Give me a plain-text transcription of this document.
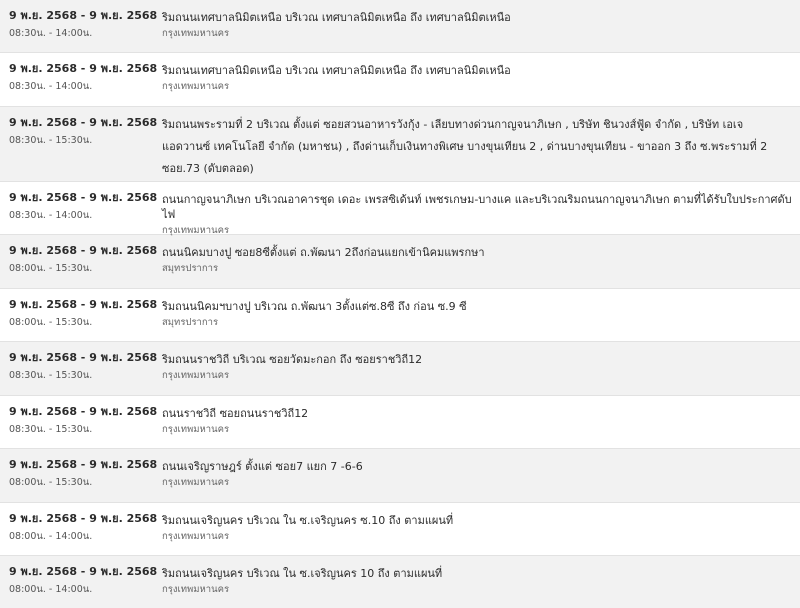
9 พ.ย. 2568 - 9 พ.ย. 2568
08:30น. - 14:00น.
ริมถนนเทศบาลนิมิตเหนือ บริเวณ เทศบาลนิมิตเหนือ ถึง เทศบาลนิมิตเหนือ
กรุงเทพมหานคร
9 พ.ย. 2568 - 9 พ.ย. 2568
08:30น. - 14:00น.
ริมถนนเทศบาลนิมิตเหนือ บริเวณ เทศบาลนิมิตเหนือ ถึง เทศบาลนิมิตเหนือ
กรุงเทพมหานคร
9 พ.ย. 2568 - 9 พ.ย. 2568
08:30น. - 15:30น.
ริมถนนพระรามที่ 2 บริเวณ ตั้งแต่ ซอยสวนอาหารวังกุ้ง - เลียบทางด่วนกาญจนาภิเษก , บริษัท ชินวงส์ฟู้ด จำกัด , บริษัท เอเจ แอดวานซ์ เทคโนโลยี จำกัด (มหาชน) , ถึงด่านเก็บเงินทางพิเศษ บางขุนเทียน 2 , ด่านบางขุนเทียน - ขาออก 3 ถึง ซ.พระรามที่ 2 ซอย.73 (ดับตลอด)
9 พ.ย. 2568 - 9 พ.ย. 2568
08:30น. - 14:00น.
ถนนกาญจนาภิเษก บริเวณอาคารชุด เดอะ เพรสซิเด้นท์ เพชรเกษม-บางแค และบริเวณริมถนนกาญจนาภิเษก ตามที่ได้รับใบประกาศดับไฟ
กรุงเทพมหานคร
9 พ.ย. 2568 - 9 พ.ย. 2568
08:00น. - 15:30น.
ถนนนิคมบางปู ซอย8ซีตั้งแต่ ถ.พัฒนา 2ถึงก่อนแยกเข้านิคมแพรกษา
สมุทรปราการ
9 พ.ย. 2568 - 9 พ.ย. 2568
08:00น. - 15:30น.
ริมถนนนิคมฯบางปู บริเวณ ถ.พัฒนา 3ตั้งแต่ซ.8ซี ถึง ก่อน ซ.9 ซี
สมุทรปราการ
9 พ.ย. 2568 - 9 พ.ย. 2568
08:30น. - 15:30น.
ริมถนนราชวิถี บริเวณ ซอยวัดมะกอก ถึง ซอยราชวิถี12
กรุงเทพมหานคร
9 พ.ย. 2568 - 9 พ.ย. 2568
08:30น. - 15:30น.
ถนนราชวิถี ซอยถนนราชวิถี12
กรุงเทพมหานคร
9 พ.ย. 2568 - 9 พ.ย. 2568
08:00น. - 15:30น.
ถนนเจริญราษฎร์ ตั้งแต่ ซอย7 แยก 7 -6-6
กรุงเทพมหานคร
9 พ.ย. 2568 - 9 พ.ย. 2568
08:00น. - 14:00น.
ริมถนนเจริญนคร บริเวณ ใน ซ.เจริญนคร ซ.10 ถึง ตามแผนที่
กรุงเทพมหานคร
9 พ.ย. 2568 - 9 พ.ย. 2568
08:00น. - 14:00น.
ริมถนนเจริญนคร บริเวณ ใน ซ.เจริญนคร 10 ถึง ตามแผนที่
กรุงเทพมหานคร
